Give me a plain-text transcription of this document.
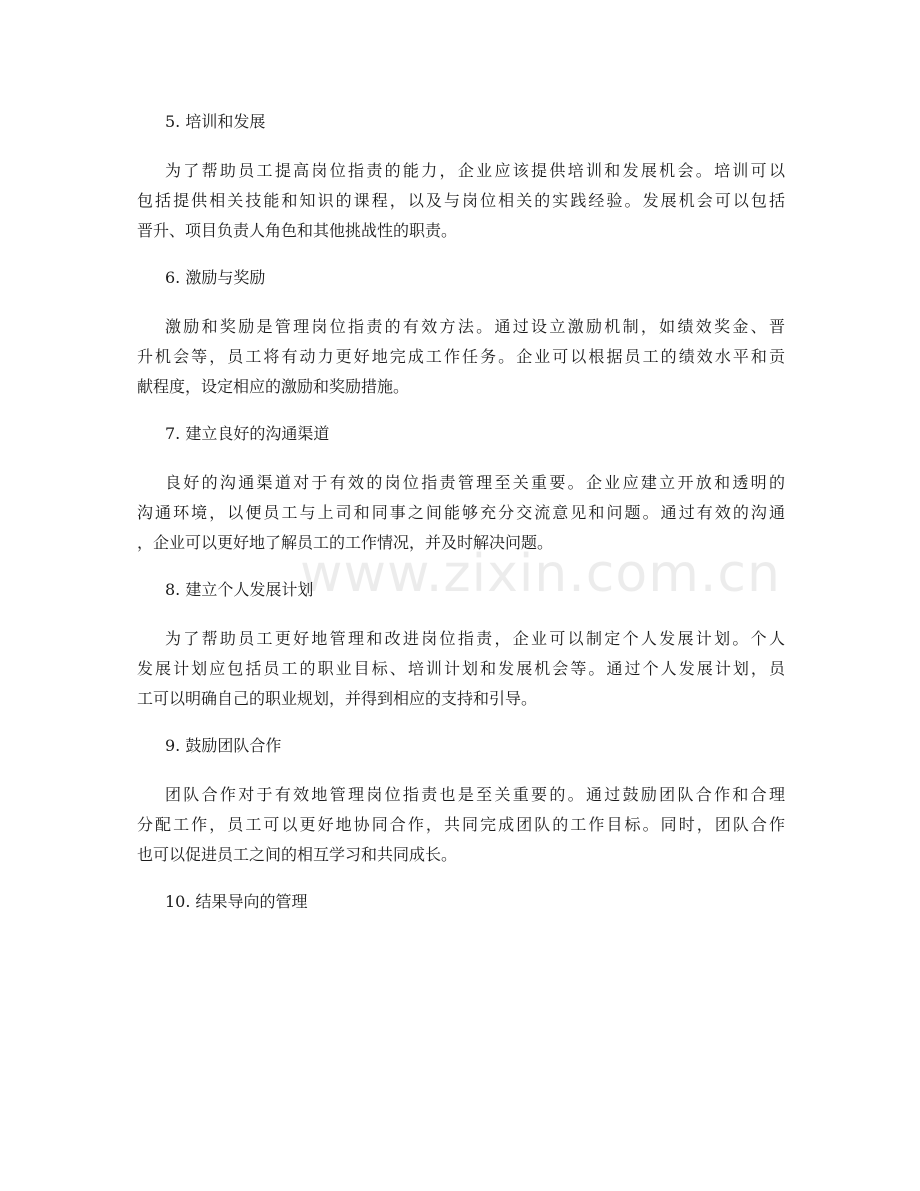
5. 培训和发展

为了帮助员工提高岗位指责的能力，企业应该提供培训和发展机会。培训可以
包括提供相关技能和知识的课程，以及与岗位相关的实践经验。发展机会可以包括
晋升、项目负责人角色和其他挑战性的职责。

6. 激励与奖励

激励和奖励是管理岗位指责的有效方法。通过设立激励机制，如绩效奖金、晋
升机会等，员工将有动力更好地完成工作任务。企业可以根据员工的绩效水平和贡
献程度，设定相应的激励和奖励措施。

7. 建立良好的沟通渠道

良好的沟通渠道对于有效的岗位指责管理至关重要。企业应建立开放和透明的
沟通环境，以便员工与上司和同事之间能够充分交流意见和问题。通过有效的沟通
，企业可以更好地了解员工的工作情况，并及时解决问题。

8. 建立个人发展计划

为了帮助员工更好地管理和改进岗位指责，企业可以制定个人发展计划。个人
发展计划应包括员工的职业目标、培训计划和发展机会等。通过个人发展计划，员
工可以明确自己的职业规划，并得到相应的支持和引导。

9. 鼓励团队合作

团队合作对于有效地管理岗位指责也是至关重要的。通过鼓励团队合作和合理
分配工作，员工可以更好地协同合作，共同完成团队的工作目标。同时，团队合作
也可以促进员工之间的相互学习和共同成长。

10. 结果导向的管理

www.zixin.com.cn
